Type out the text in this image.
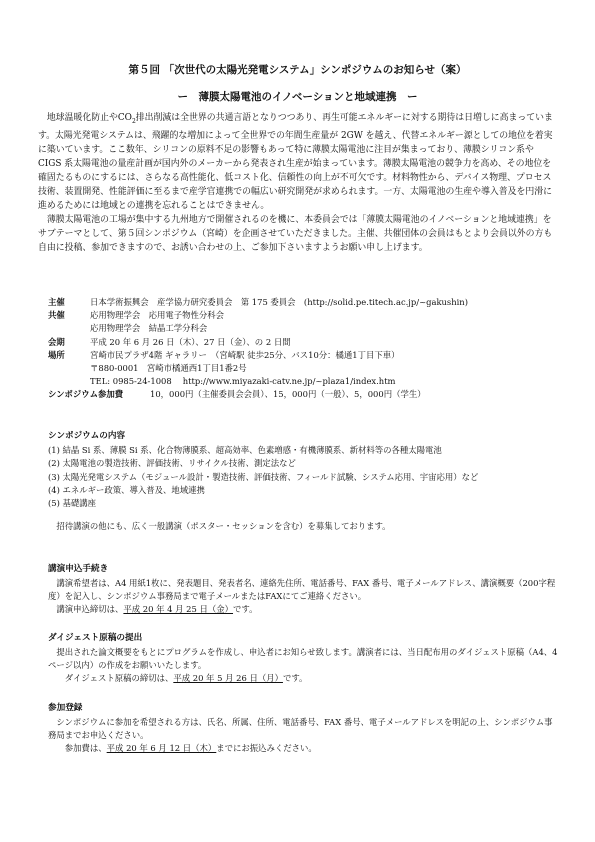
第５回 「次世代の太陽光発電システム」シンポジウムのお知らせ（案）
ー　薄膜太陽電池のイノベーションと地域連携　ー

地球温暖化防止や$CO_2$排出削減は全世界の共通言語となりつつあり、再生可能エネルギーに対する期待は日増しに高まっています。太陽光発電システムは、飛躍的な増加によって全世界での年間生産量が 2GW を越え、代替エネルギー源としての地位を着実に築いています。ここ数年、シリコンの原料不足の影響もあって特に薄膜太陽電池に注目が集まっており、薄膜シリコン系や CIGS 系太陽電池の量産計画が国内外のメーカーから発表され生産が始まっています。薄膜太陽電池の競争力を高め、その地位を確固たるものにするには、さらなる高性能化、低コスト化、信頼性の向上が不可欠です。材料物性から、デバイス物理、プロセス技術、装置開発、性能評価に至るまで産学官連携での幅広い研究開発が求められます。一方、太陽電池の生産や導入普及を円滑に進めるためには地域との連携を忘れることはできません。

薄膜太陽電池の工場が集中する九州地方で開催されるのを機に、本委員会では「薄膜太陽電池のイノベーションと地域連携」をサブテーマとして、第５回シンポジウム（宮崎）を企画させていただきました。主催、共催団体の会員はもとより会員以外の方も自由に投稿、参加できますので、お誘い合わせの上、ご参加下さいますようお願い申し上げます。

主催	日本学術振興会　産学協力研究委員会　第 175 委員会　(http://solid.pe.titech.ac.jp/~gakushin)
共催	応用物理学会　応用電子物性分科会
応用物理学会　結晶工学分科会
会期	平成 20 年 6 月 26 日（木）、27 日（金）、の 2 日間
場所	宮崎市民プラザ4階 ギャラリー　（宮崎駅 徒歩25分、バス10分：橘通1丁目下車）
〒880-0001　宮崎市橘通西1丁目1番2号
TEL: 0985-24-1008　 http://www.miyazaki-catv.ne.jp/~plaza1/index.htm
シンポジウム参加費	10，000円（主催委員会会員）、15，000円（一般）、5，000円（学生）
シンポジウムの内容
(1) 結晶 Si 系、薄膜 Si 系、化合物薄膜系、超高効率、色素増感・有機薄膜系、新材料等の各種太陽電池
(2) 太陽電池の製造技術、評価技術、リサイクル技術、測定法など
(3) 太陽光発電システム（モジュール設計・製造技術、評価技術、フィールド試験、システム応用、宇宙応用）など
(4) エネルギー政策、導入普及、地域連携
(5) 基礎講座
招待講演の他にも、広く一般講演（ポスター・セッションを含む）を募集しております。
講演申込手続き
講演希望者は、A4 用紙1枚に、発表題目、発表者名、連絡先住所、電話番号、FAX 番号、電子メールアドレス、講演概要（200字程度）を記入し、シンポジウム事務局まで電子メールまたはFAXにてご連絡ください。
講演申込締切は、平成 20 年 4 月 25 日（金）です。
ダイジェスト原稿の提出
提出された論文概要をもとにプログラムを作成し、申込者にお知らせ致します。講演者には、当日配布用のダイジェスト原稿（A4、4 ページ以内）の作成をお願いいたします。
ダイジェスト原稿の締切は、平成 20 年 5 月 26 日（月）です。
参加登録
シンポジウムに参加を希望される方は、氏名、所属、住所、電話番号、FAX 番号、電子メールアドレスを明記の上、シンポジウム事務局までお申込ください。
参加費は、平成 20 年 6 月 12 日（木）までにお振込みください。
